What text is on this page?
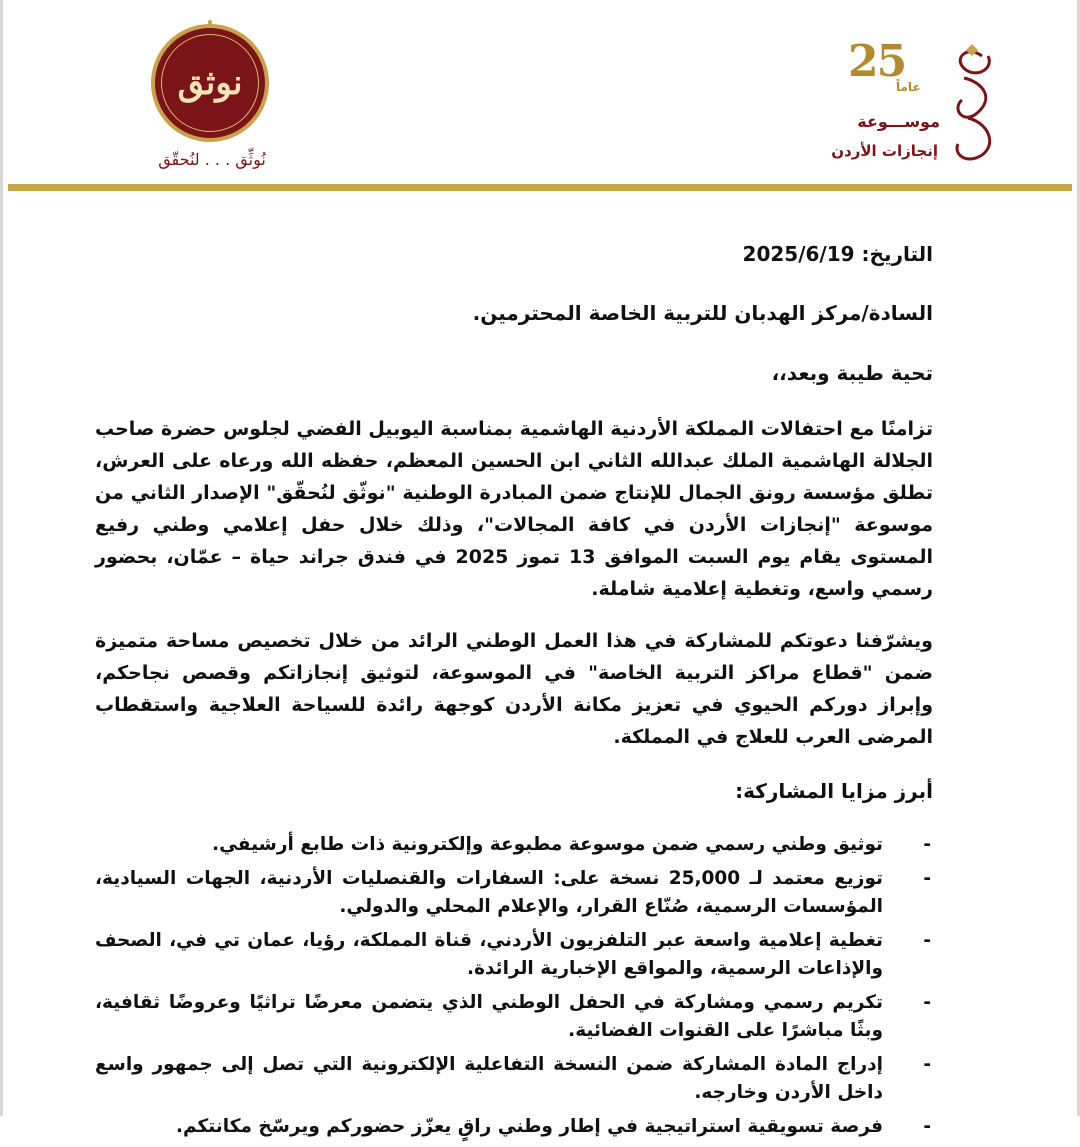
نوثق
نُوثِّق . . . لنُحقّق
25
عاماً
موســـوعة
إنجازات الأردن

التاريخ: 2025/6/19

السادة/مركز الهدبان للتربية الخاصة المحترمين.

تحية طيبة وبعد،،

تزامنًا مع احتفالات المملكة الأردنية الهاشمية بمناسبة اليوبيل الفضي لجلوس حضرة صاحب الجلالة الهاشمية الملك عبدالله الثاني ابن الحسين المعظم، حفظه الله ورعاه على العرش، تطلق مؤسسة رونق الجمال للإنتاج ضمن المبادرة الوطنية "نوثّق لنُحقّق" الإصدار الثاني من موسوعة "إنجازات الأردن في كافة المجالات"، وذلك خلال حفل إعلامي وطني رفيع المستوى يقام يوم السبت الموافق 13 تموز 2025 في فندق جراند حياة – عمّان، بحضور رسمي واسع، وتغطية إعلامية شاملة.

ويشرّفنا دعوتكم للمشاركة في هذا العمل الوطني الرائد من خلال تخصيص مساحة متميزة ضمن "قطاع مراكز التربية الخاصة" في الموسوعة، لتوثيق إنجازاتكم وقصص نجاحكم، وإبراز دوركم الحيوي في تعزيز مكانة الأردن كوجهة رائدة للسياحة العلاجية واستقطاب المرضى العرب للعلاج في المملكة.

أبرز مزايا المشاركة:

-
توثيق وطني رسمي ضمن موسوعة مطبوعة وإلكترونية ذات طابع أرشيفي.
-
توزيع معتمد لـ 25,000 نسخة على: السفارات والقنصليات الأردنية، الجهات السيادية، المؤسسات الرسمية، صُنّاع القرار، والإعلام المحلي والدولي.
-
تغطية إعلامية واسعة عبر التلفزيون الأردني، قناة المملكة، رؤيا، عمان تي في، الصحف والإذاعات الرسمية، والمواقع الإخبارية الرائدة.
-
تكريم رسمي ومشاركة في الحفل الوطني الذي يتضمن معرضًا تراثيًا وعروضًا ثقافية، وبثًا مباشرًا على القنوات الفضائية.
-
إدراج المادة المشاركة ضمن النسخة التفاعلية الإلكترونية التي تصل إلى جمهور واسع داخل الأردن وخارجه.
-
فرصة تسويقية استراتيجية في إطار وطني راقٍ يعزّز حضوركم ويرسّخ مكانتكم.
